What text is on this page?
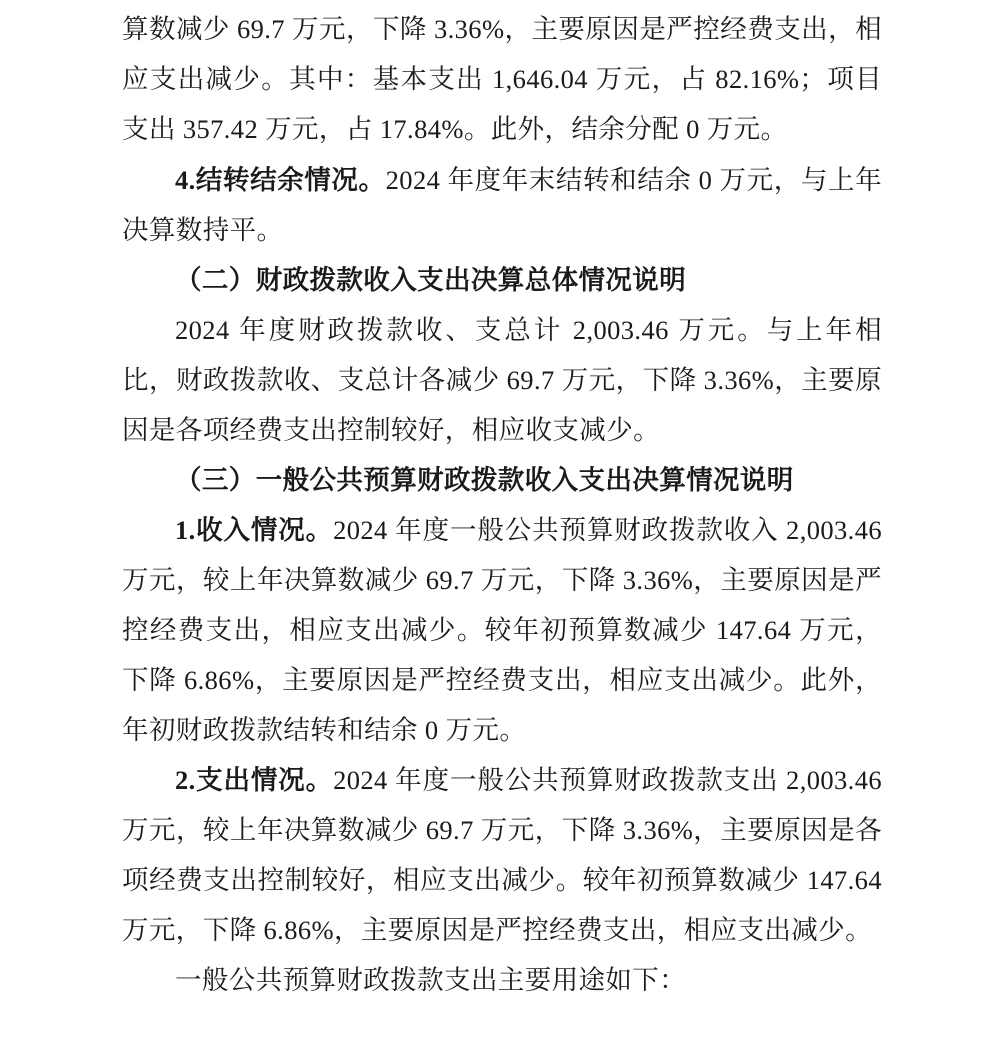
算数减少 69.7 万元，下降 3.36%，主要原因是严控经费支出，相应支出减少。其中：基本支出 1,646.04 万元，占 82.16%；项目支出 357.42 万元，占 17.84%。此外，结余分配 0 万元。

4.结转结余情况。2024 年度年末结转和结余 0 万元，与上年决算数持平。

（二）财政拨款收入支出决算总体情况说明

2024 年度财政拨款收、支总计 2,003.46 万元。与上年相比，财政拨款收、支总计各减少 69.7 万元，下降 3.36%，主要原因是各项经费支出控制较好，相应收支减少。

（三）一般公共预算财政拨款收入支出决算情况说明

1.收入情况。2024 年度一般公共预算财政拨款收入 2,003.46 万元，较上年决算数减少 69.7 万元，下降 3.36%，主要原因是严控经费支出，相应支出减少。较年初预算数减少 147.64 万元，下降 6.86%，主要原因是严控经费支出，相应支出减少。此外，年初财政拨款结转和结余 0 万元。

2.支出情况。2024 年度一般公共预算财政拨款支出 2,003.46 万元，较上年决算数减少 69.7 万元，下降 3.36%，主要原因是各项经费支出控制较好，相应支出减少。较年初预算数减少 147.64 万元，下降 6.86%，主要原因是严控经费支出，相应支出减少。

一般公共预算财政拨款支出主要用途如下：
